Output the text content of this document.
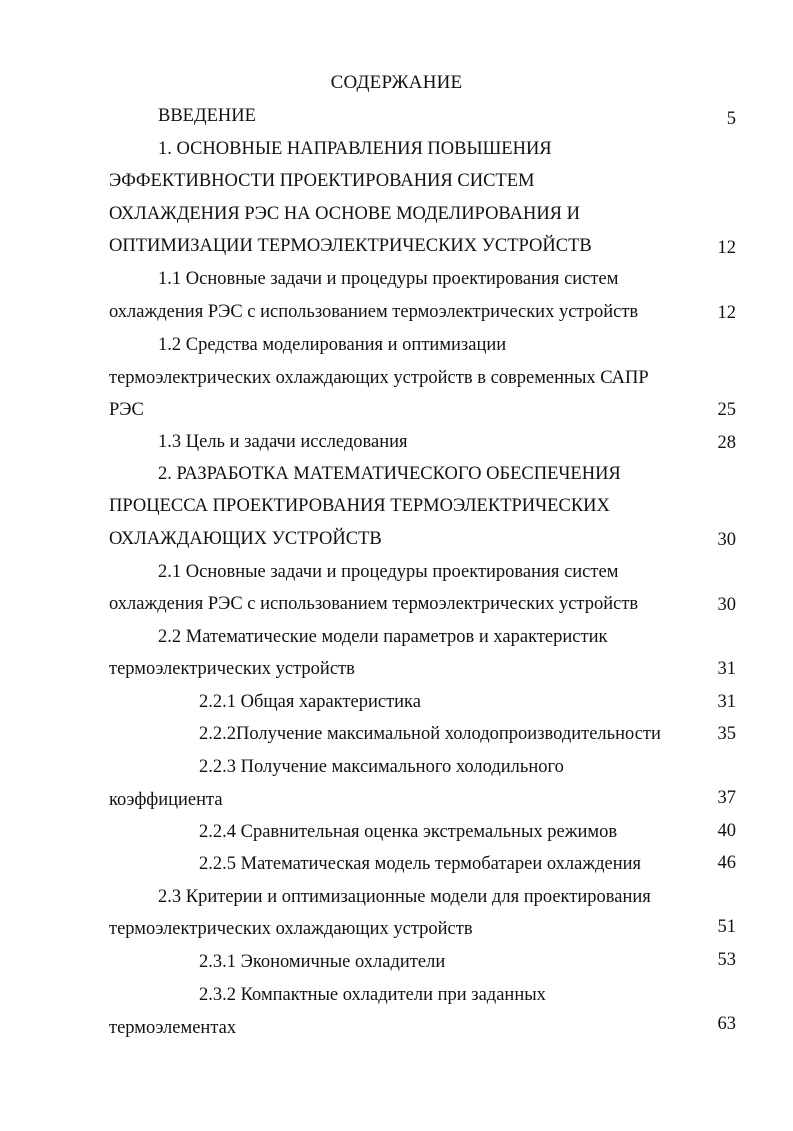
СОДЕРЖАНИЕ
ВВЕДЕНИЕ
1. ОСНОВНЫЕ НАПРАВЛЕНИЯ ПОВЫШЕНИЯ
ЭФФЕКТИВНОСТИ ПРОЕКТИРОВАНИЯ СИСТЕМ
ОХЛАЖДЕНИЯ РЭС НА ОСНОВЕ МОДЕЛИРОВАНИЯ И
ОПТИМИЗАЦИИ ТЕРМОЭЛЕКТРИЧЕСКИХ УСТРОЙСТВ
1.1 Основные задачи и процедуры проектирования систем
охлаждения РЭС с использованием термоэлектрических устройств
1.2 Средства моделирования и оптимизации
термоэлектрических охлаждающих устройств в современных САПР
РЭС
1.3 Цель и задачи исследования
2. РАЗРАБОТКА МАТЕМАТИЧЕСКОГО ОБЕСПЕЧЕНИЯ
ПРОЦЕССА ПРОЕКТИРОВАНИЯ ТЕРМОЭЛЕКТРИЧЕСКИХ
ОХЛАЖДАЮЩИХ УСТРОЙСТВ
2.1 Основные задачи и процедуры проектирования систем
охлаждения РЭС с использованием термоэлектрических устройств
2.2 Математические модели параметров и характеристик
термоэлектрических устройств
2.2.1 Общая характеристика
2.2.2Получение максимальной холодопроизводительности
2.2.3 Получение максимального холодильного
коэффициента
2.2.4 Сравнительная оценка экстремальных режимов
2.2.5 Математическая модель термобатареи охлаждения
2.3 Критерии и оптимизационные модели для проектирования
термоэлектрических охлаждающих устройств
2.3.1 Экономичные охладители
2.3.2 Компактные охладители при заданных
термоэлементах
5
12
12
25
28
30
30
31
31
35
37
40
46
51
53
63
